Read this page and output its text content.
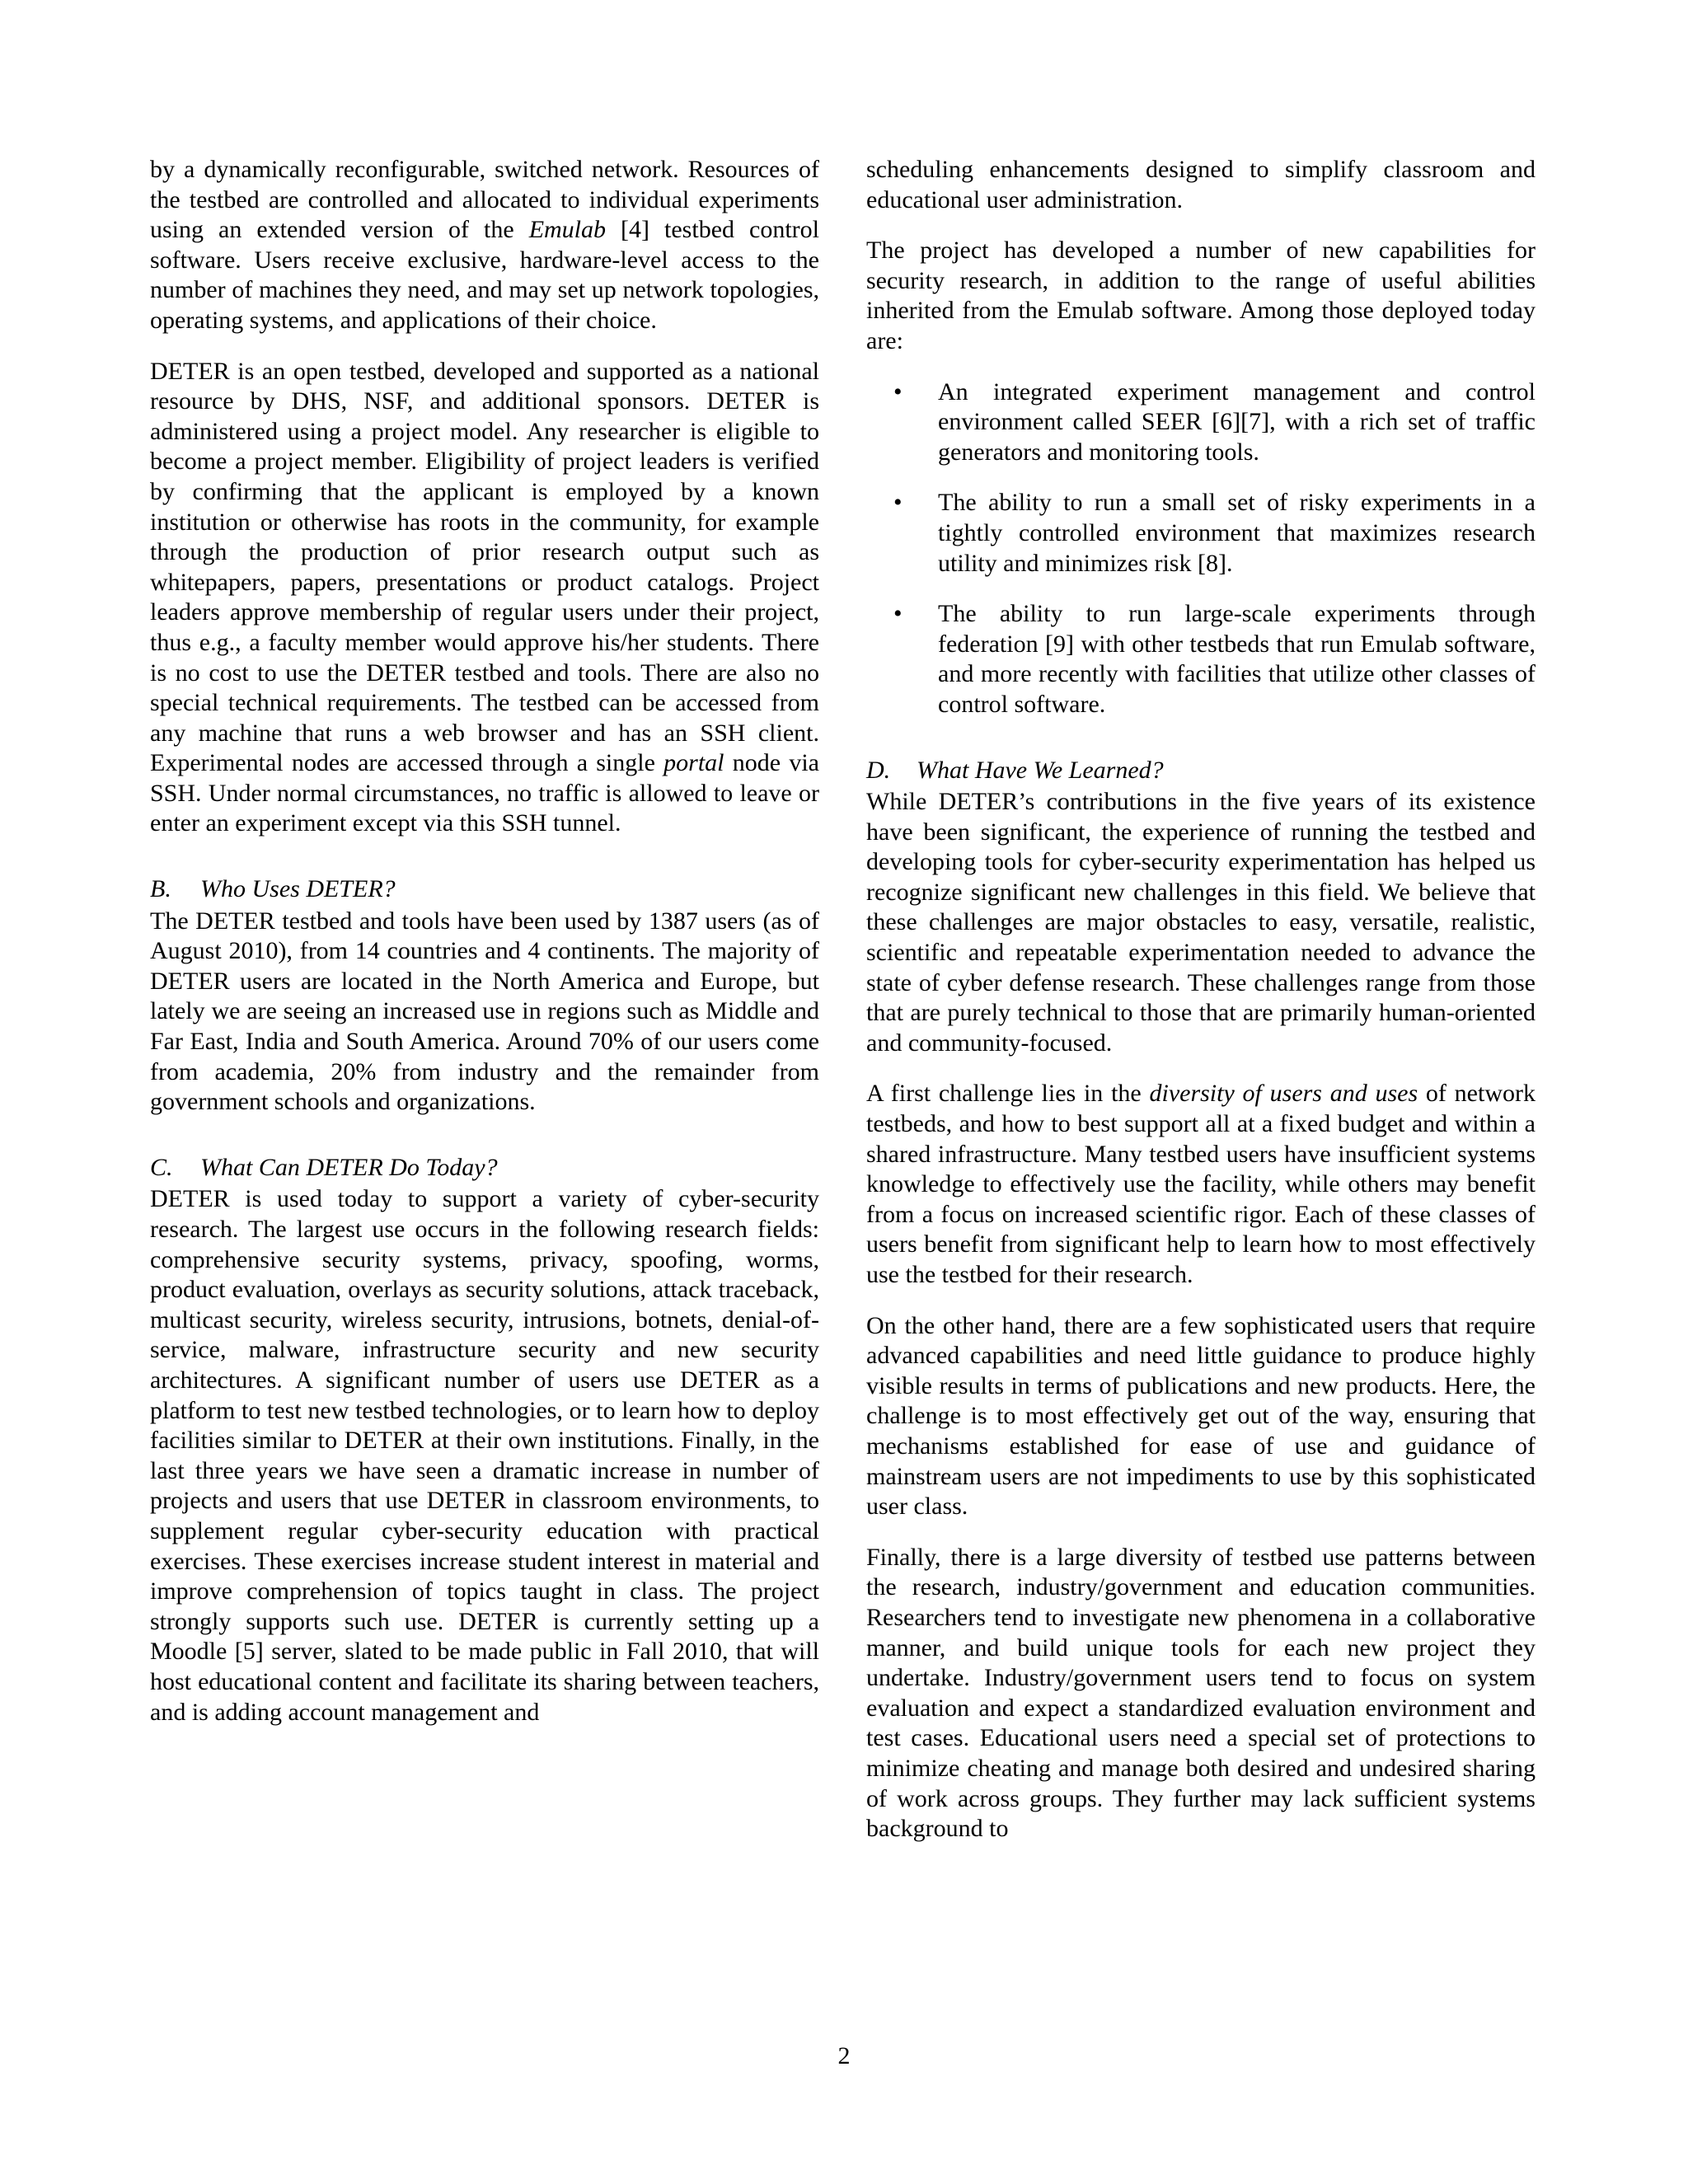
by a dynamically reconfigurable, switched network. Resources of the testbed are controlled and allocated to individual experiments using an extended version of the Emulab [4] testbed control software. Users receive exclusive, hardware-level access to the number of machines they need, and may set up network topologies, operating systems, and applications of their choice.

DETER is an open testbed, developed and supported as a national resource by DHS, NSF, and additional sponsors. DETER is administered using a project model. Any researcher is eligible to become a project member. Eligibility of project leaders is verified by confirming that the applicant is employed by a known institution or otherwise has roots in the community, for example through the production of prior research output such as whitepapers, papers, presentations or product catalogs. Project leaders approve membership of regular users under their project, thus e.g., a faculty member would approve his/her students. There is no cost to use the DETER testbed and tools. There are also no special technical requirements. The testbed can be accessed from any machine that runs a web browser and has an SSH client. Experimental nodes are accessed through a single portal node via SSH. Under normal circumstances, no traffic is allowed to leave or enter an experiment except via this SSH tunnel.

B. Who Uses DETER?

The DETER testbed and tools have been used by 1387 users (as of August 2010), from 14 countries and 4 continents. The majority of DETER users are located in the North America and Europe, but lately we are seeing an increased use in regions such as Middle and Far East, India and South America. Around 70% of our users come from academia, 20% from industry and the remainder from government schools and organizations.

C. What Can DETER Do Today?

DETER is used today to support a variety of cyber-security research. The largest use occurs in the following research fields: comprehensive security systems, privacy, spoofing, worms, product evaluation, overlays as security solutions, attack traceback, multicast security, wireless security, intrusions, botnets, denial-of-service, malware, infrastructure security and new security architectures. A significant number of users use DETER as a platform to test new testbed technologies, or to learn how to deploy facilities similar to DETER at their own institutions. Finally, in the last three years we have seen a dramatic increase in number of projects and users that use DETER in classroom environments, to supplement regular cyber-security education with practical exercises. These exercises increase student interest in material and improve comprehension of topics taught in class. The project strongly supports such use. DETER is currently setting up a Moodle [5] server, slated to be made public in Fall 2010, that will host educational content and facilitate its sharing between teachers, and is adding account management and

scheduling enhancements designed to simplify classroom and educational user administration.

The project has developed a number of new capabilities for security research, in addition to the range of useful abilities inherited from the Emulab software. Among those deployed today are:

• An integrated experiment management and control environment called SEER [6][7], with a rich set of traffic generators and monitoring tools.
• The ability to run a small set of risky experiments in a tightly controlled environment that maximizes research utility and minimizes risk [8].
• The ability to run large-scale experiments through federation [9] with other testbeds that run Emulab software, and more recently with facilities that utilize other classes of control software.
D. What Have We Learned?

While DETER’s contributions in the five years of its existence have been significant, the experience of running the testbed and developing tools for cyber-security experimentation has helped us recognize significant new challenges in this field. We believe that these challenges are major obstacles to easy, versatile, realistic, scientific and repeatable experimentation needed to advance the state of cyber defense research. These challenges range from those that are purely technical to those that are primarily human-oriented and community-focused.

A first challenge lies in the diversity of users and uses of network testbeds, and how to best support all at a fixed budget and within a shared infrastructure. Many testbed users have insufficient systems knowledge to effectively use the facility, while others may benefit from a focus on increased scientific rigor. Each of these classes of users benefit from significant help to learn how to most effectively use the testbed for their research.

On the other hand, there are a few sophisticated users that require advanced capabilities and need little guidance to produce highly visible results in terms of publications and new products. Here, the challenge is to most effectively get out of the way, ensuring that mechanisms established for ease of use and guidance of mainstream users are not impediments to use by this sophisticated user class.

Finally, there is a large diversity of testbed use patterns between the research, industry/government and education communities. Researchers tend to investigate new phenomena in a collaborative manner, and build unique tools for each new project they undertake. Industry/government users tend to focus on system evaluation and expect a standardized evaluation environment and test cases. Educational users need a special set of protections to minimize cheating and manage both desired and undesired sharing of work across groups. They further may lack sufficient systems background to

2
